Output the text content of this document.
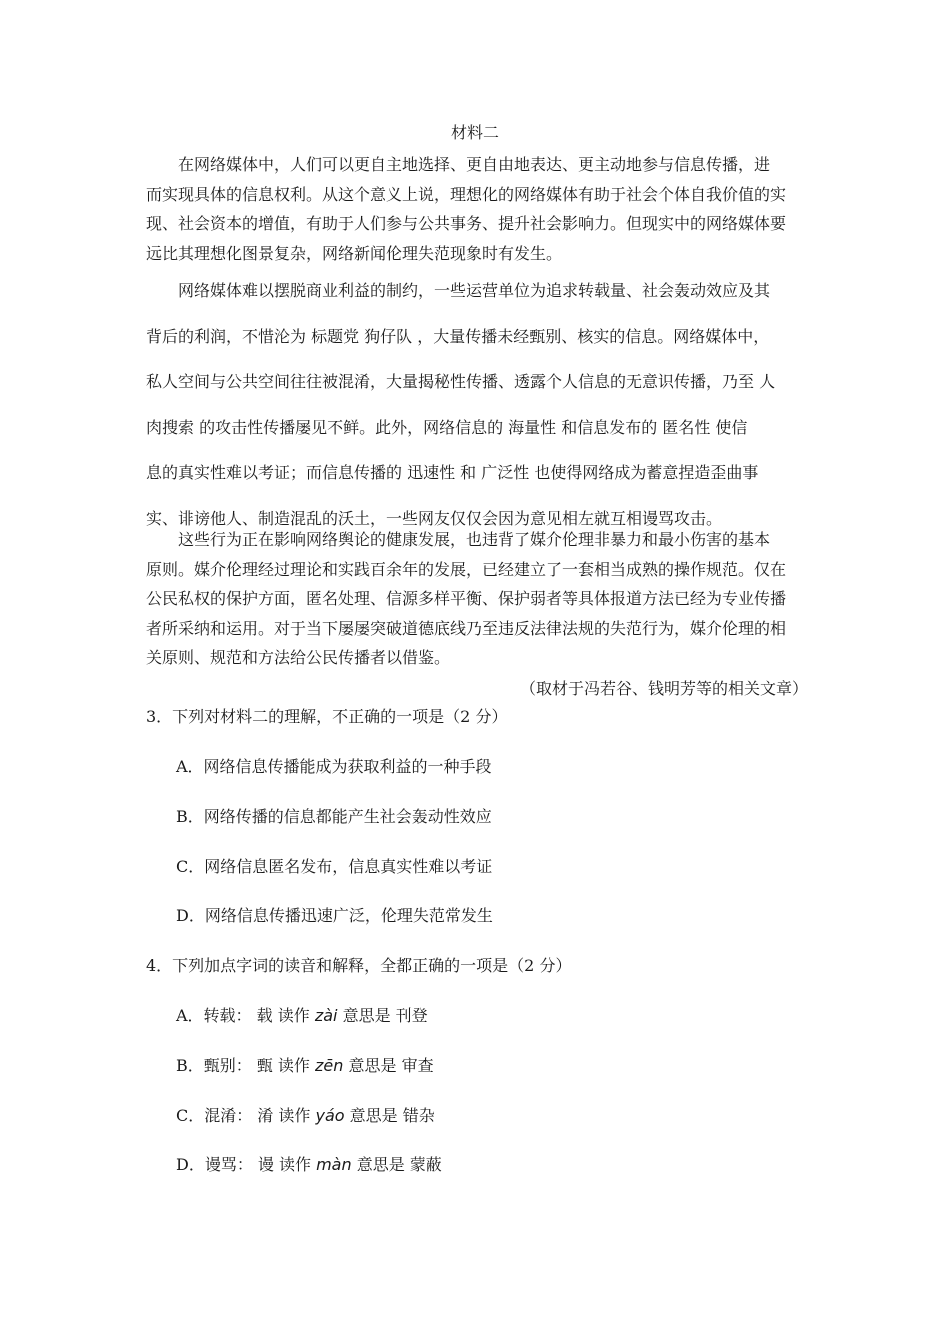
材料二
在网络媒体中，人们可以更自主地选择、更自由地表达、更主动地参与信息传播，进
而实现具体的信息权利。从这个意义上说，理想化的网络媒体有助于社会个体自我价值的实
现、社会资本的增值，有助于人们参与公共事务、提升社会影响力。但现实中的网络媒体要
远比其理想化图景复杂，网络新闻伦理失范现象时有发生。
网络媒体难以摆脱商业利益的制约，一些运营单位为追求转载量、社会轰动效应及其
背后的利润，不惜沦为 标题党 狗仔队 ，大量传播未经甄别、核实的信息。网络媒体中，
私人空间与公共空间往往被混淆，大量揭秘性传播、透露个人信息的无意识传播，乃至 人
肉搜索 的攻击性传播屡见不鲜。此外，网络信息的 海量性 和信息发布的 匿名性 使信
息的真实性难以考证；而信息传播的 迅速性 和 广泛性 也使得网络成为蓄意捏造歪曲事
实、诽谤他人、制造混乱的沃土，一些网友仅仅会因为意见相左就互相谩骂攻击。
这些行为正在影响网络舆论的健康发展，也违背了媒介伦理非暴力和最小伤害的基本
原则。媒介伦理经过理论和实践百余年的发展，已经建立了一套相当成熟的操作规范。仅在
公民私权的保护方面，匿名处理、信源多样平衡、保护弱者等具体报道方法已经为专业传播
者所采纳和运用。对于当下屡屡突破道德底线乃至违反法律法规的失范行为，媒介伦理的相
关原则、规范和方法给公民传播者以借鉴。
（取材于冯若谷、钱明芳等的相关文章）
3．下列对材料二的理解，不正确的一项是（2 分）
A．网络信息传播能成为获取利益的一种手段
B．网络传播的信息都能产生社会轰动性效应
C．网络信息匿名发布，信息真实性难以考证
D．网络信息传播迅速广泛，伦理失范常发生
4．下列加点字词的读音和解释，全都正确的一项是（2 分）
A．转载： 载 读作 zài 意思是 刊登
B．甄别： 甄 读作 zēn 意思是 审查
C．混淆： 淆 读作 yáo 意思是 错杂
D．谩骂： 谩 读作 màn 意思是 蒙蔽
